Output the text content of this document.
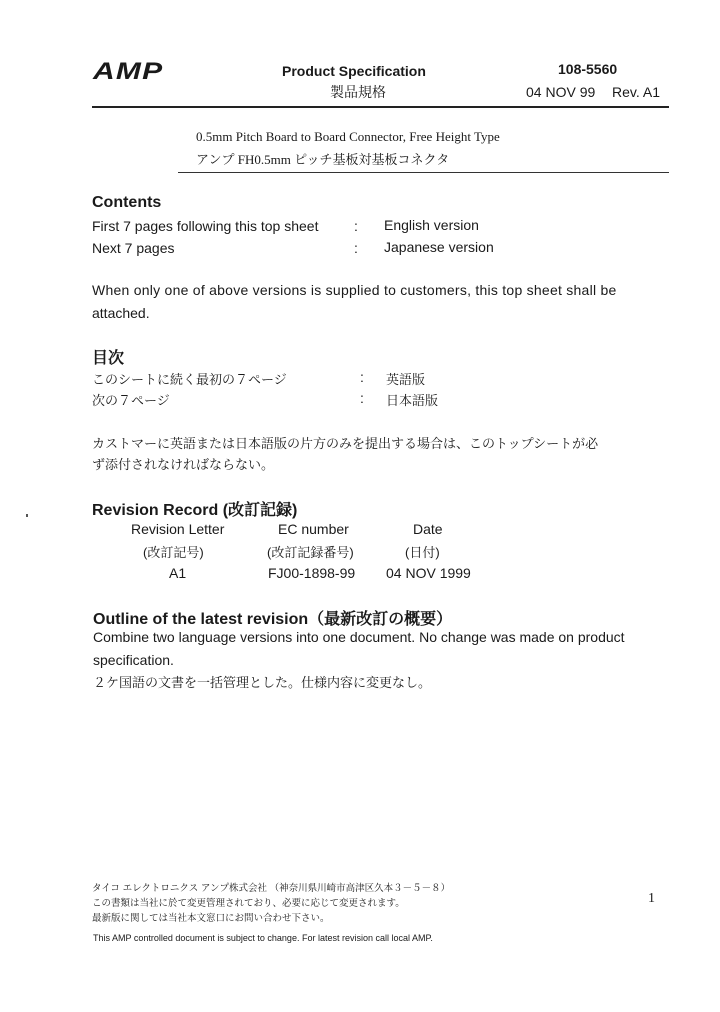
AMP	Product Specification
製品規格
108-5560
04 NOV 99 Rev. A1
0.5mm Pitch Board to Board Connector, Free Height Type
アンプ FH0.5mm ピッチ基板対基板コネクタ
Contents
First 7 pages following this top sheet	: English version
Next 7 pages	: Japanese version
When only one of above versions is supplied to customers, this top sheet shall be
attached.
目次
このシートに続く最初の７ページ	: 英語版
次の７ページ	: 日本語版
カストマーに英語または日本語版の片方のみを提出する場合は、このトップシートが必
ず添付されなければならない。
Revision Record (改訂記録)
Revision Letter	EC number	Date
(改訂記号)	(改訂記録番号)	(日付)
A1	FJ00-1898-99 04 NOV 1999
Outline of the latest revision（最新改訂の概要）
Combine two language versions into one document. No change was made on product
specification.
２ケ国語の文書を一括管理とした。仕様内容に変更なし。
タイコ エレクトロニクス アンプ株式会社 （神奈川県川崎市高津区久本３－５－８）
この書類は当社に於て変更管理されており、必要に応じて変更されます。
最新版に関しては当社本文窓口にお問い合わせ下さい。
1
This AMP controlled document is subject to change. For latest revision call local AMP.
